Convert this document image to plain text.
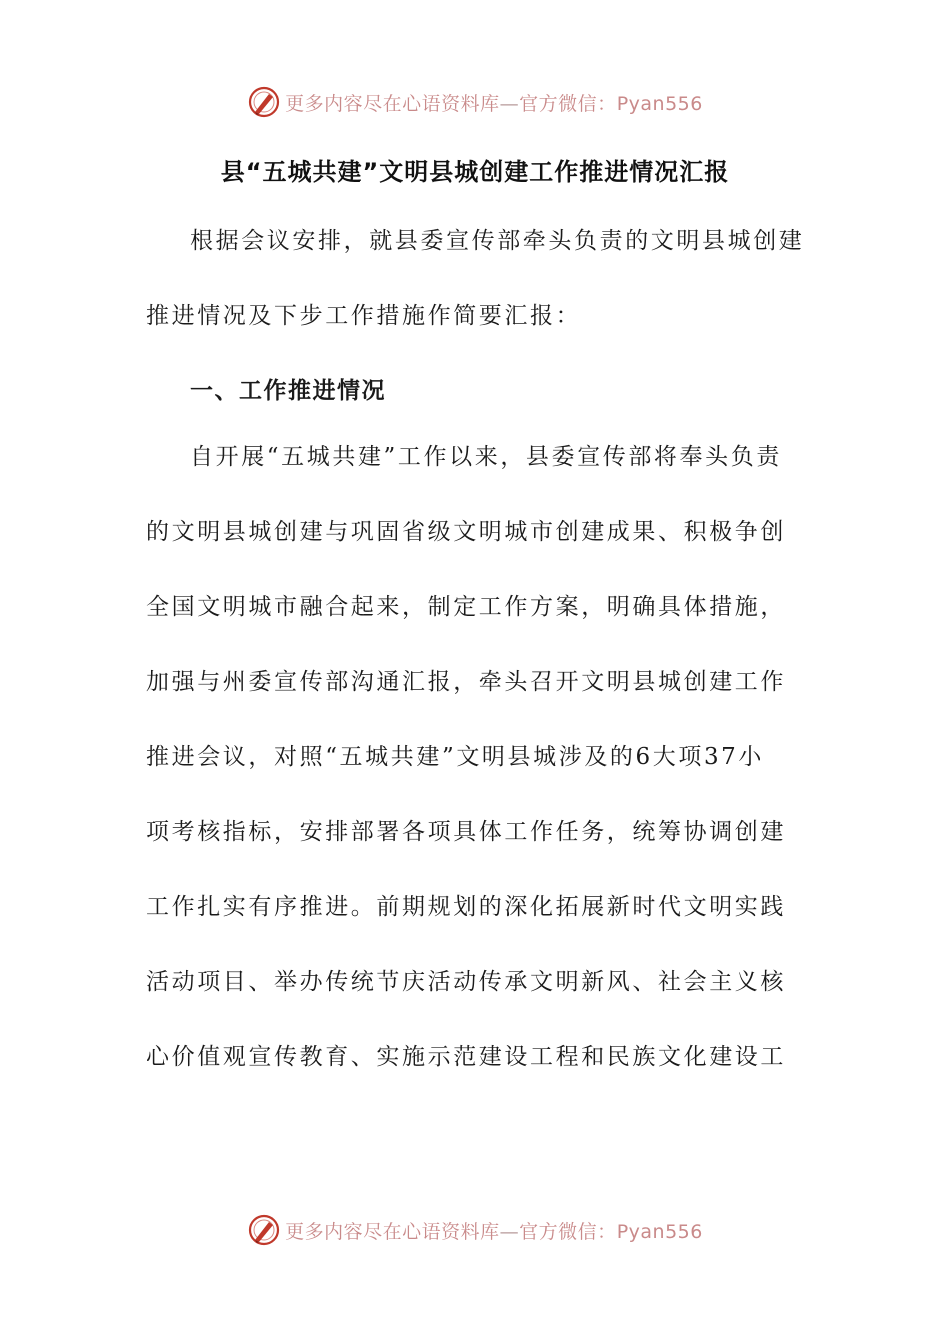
更多内容尽在心语资料库—官方微信：Pyan556
县“五城共建”文明县城创建工作推进情况汇报
根据会议安排，就县委宣传部牵头负责的文明县城创建
推进情况及下步工作措施作简要汇报：
一、工作推进情况
自开展“五城共建”工作以来，县委宣传部将奉头负责
的文明县城创建与巩固省级文明城市创建成果、积极争创
全国文明城市融合起来，制定工作方案，明确具体措施，
加强与州委宣传部沟通汇报，牵头召开文明县城创建工作
推进会议，对照“五城共建”文明县城涉及的6大项37小
项考核指标，安排部署各项具体工作任务，统筹协调创建
工作扎实有序推进。前期规划的深化拓展新时代文明实践
活动项目、举办传统节庆活动传承文明新风、社会主义核
心价值观宣传教育、实施示范建设工程和民族文化建设工
更多内容尽在心语资料库—官方微信：Pyan556
